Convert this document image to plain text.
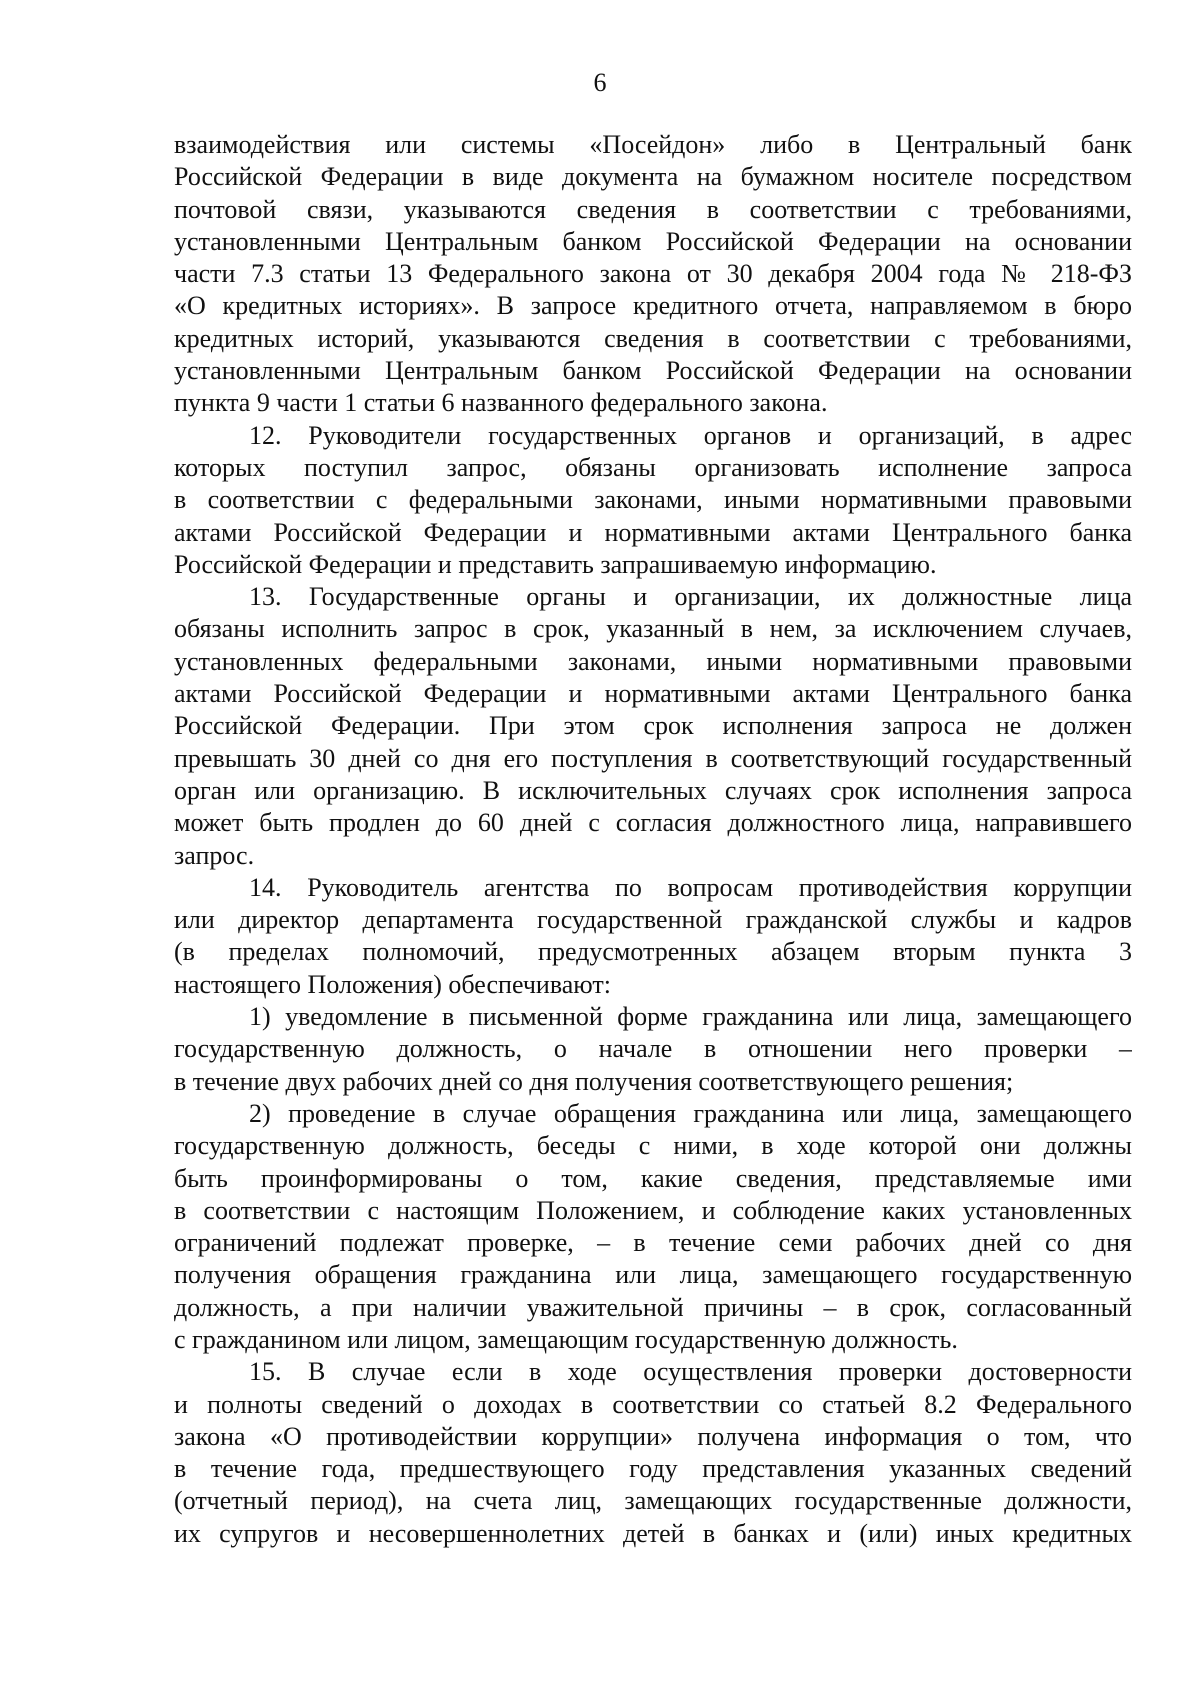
6
взаимодействия или системы «Посейдон» либо в Центральный банк
Российской Федерации в виде документа на бумажном носителе посредством
почтовой связи, указываются сведения в соответствии с требованиями,
установленными Центральным банком Российской Федерации на основании
части 7.3 статьи 13 Федерального закона от 30 декабря 2004 года № 218-ФЗ
«О кредитных историях». В запросе кредитного отчета, направляемом в бюро
кредитных историй, указываются сведения в соответствии с требованиями,
установленными Центральным банком Российской Федерации на основании
пункта 9 части 1 статьи 6 названного федерального закона.
12. Руководители государственных органов и организаций, в адрес
которых поступил запрос, обязаны организовать исполнение запроса
в соответствии с федеральными законами, иными нормативными правовыми
актами Российской Федерации и нормативными актами Центрального банка
Российской Федерации и представить запрашиваемую информацию.
13. Государственные органы и организации, их должностные лица
обязаны исполнить запрос в срок, указанный в нем, за исключением случаев,
установленных федеральными законами, иными нормативными правовыми
актами Российской Федерации и нормативными актами Центрального банка
Российской Федерации. При этом срок исполнения запроса не должен
превышать 30 дней со дня его поступления в соответствующий государственный
орган или организацию. В исключительных случаях срок исполнения запроса
может быть продлен до 60 дней с согласия должностного лица, направившего
запрос.
14. Руководитель агентства по вопросам противодействия коррупции
или директор департамента государственной гражданской службы и кадров
(в пределах полномочий, предусмотренных абзацем вторым пункта 3
настоящего Положения) обеспечивают:
1) уведомление в письменной форме гражданина или лица, замещающего
государственную должность, о начале в отношении него проверки –
в течение двух рабочих дней со дня получения соответствующего решения;
2) проведение в случае обращения гражданина или лица, замещающего
государственную должность, беседы с ними, в ходе которой они должны
быть проинформированы о том, какие сведения, представляемые ими
в соответствии с настоящим Положением, и соблюдение каких установленных
ограничений подлежат проверке, – в течение семи рабочих дней со дня
получения обращения гражданина или лица, замещающего государственную
должность, а при наличии уважительной причины – в срок, согласованный
с гражданином или лицом, замещающим государственную должность.
15. В случае если в ходе осуществления проверки достоверности
и полноты сведений о доходах в соответствии со статьей 8.2 Федерального
закона «О противодействии коррупции» получена информация о том, что
в течение года, предшествующего году представления указанных сведений
(отчетный период), на счета лиц, замещающих государственные должности,
их супругов и несовершеннолетних детей в банках и (или) иных кредитных
